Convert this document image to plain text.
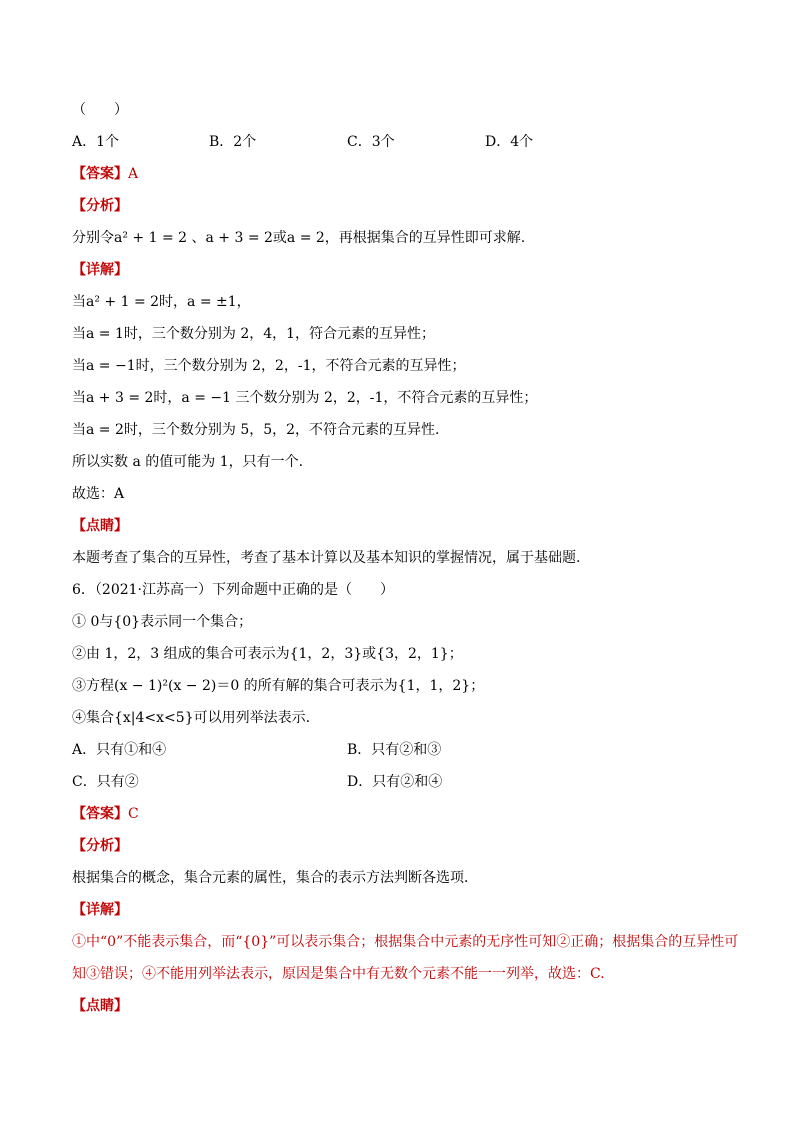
（　　）
A．1个	B．2个	C．3个	D．4个
【答案】A
【分析】
分别令a² + 1 = 2 、a + 3 = 2或a = 2，再根据集合的互异性即可求解.
【详解】
当a² + 1 = 2时，a = ±1，
当a = 1时，三个数分别为 2，4，1，符合元素的互异性；
当a = −1时，三个数分别为 2，2，-1，不符合元素的互异性；
当a + 3 = 2时，a = −1 三个数分别为 2，2，-1，不符合元素的互异性；
当a = 2时，三个数分别为 5，5，2，不符合元素的互异性.
所以实数 a 的值可能为 1，只有一个.
故选：A
【点睛】
本题考查了集合的互异性，考查了基本计算以及基本知识的掌握情况，属于基础题.
6．（2021·江苏高一）下列命题中正确的是（　　）
① 0与{0}表示同一个集合；
②由 1，2，3 组成的集合可表示为{1，2，3}或{3，2，1}；
③方程(x − 1)²(x − 2)＝0 的所有解的集合可表示为{1，1，2}；
④集合{x|4<x<5}可以用列举法表示.
A．只有①和④	B．只有②和③
C．只有②	D．只有②和④
【答案】C
【分析】
根据集合的概念，集合元素的属性，集合的表示方法判断各选项．
【详解】
①中“0”不能表示集合，而“{0}”可以表示集合；根据集合中元素的无序性可知②正确；根据集合的互异性可
知③错误；④不能用列举法表示，原因是集合中有无数个元素不能一一列举，故选：C.
【点睛】
